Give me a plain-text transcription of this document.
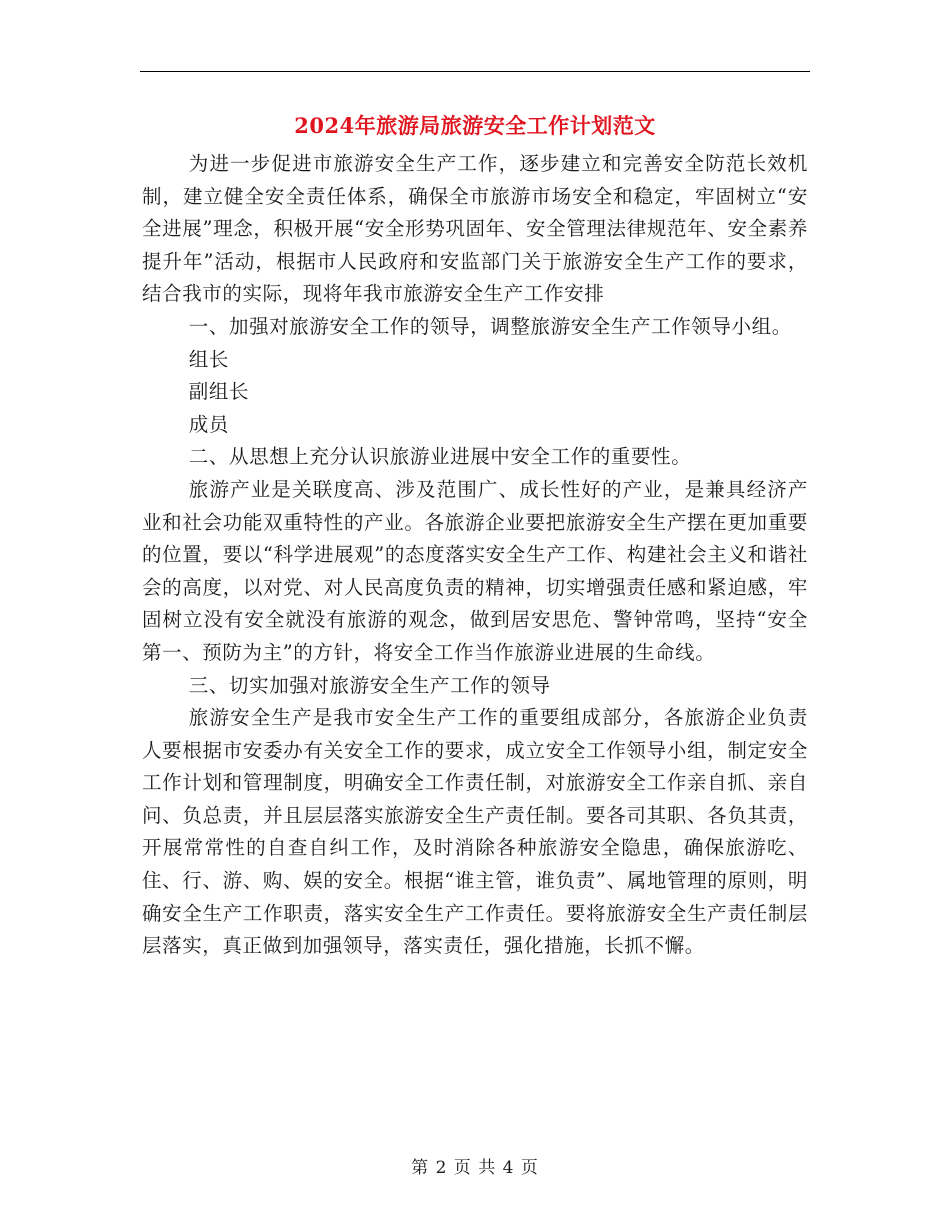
2024年旅游局旅游安全工作计划范文

为进一步促进市旅游安全生产工作，逐步建立和完善安全防范长效机制，建立健全安全责任体系，确保全市旅游市场安全和稳定，牢固树立“安全进展”理念，积极开展“安全形势巩固年、安全管理法律规范年、安全素养提升年”活动，根据市人民政府和安监部门关于旅游安全生产工作的要求，结合我市的实际，现将年我市旅游安全生产工作安排

一、加强对旅游安全工作的领导，调整旅游安全生产工作领导小组。

组长

副组长

成员

二、从思想上充分认识旅游业进展中安全工作的重要性。

旅游产业是关联度高、涉及范围广、成长性好的产业，是兼具经济产业和社会功能双重特性的产业。各旅游企业要把旅游安全生产摆在更加重要的位置，要以“科学进展观”的态度落实安全生产工作、构建社会主义和谐社会的高度，以对党、对人民高度负责的精神，切实增强责任感和紧迫感，牢固树立没有安全就没有旅游的观念，做到居安思危、警钟常鸣，坚持“安全第一、预防为主”的方针，将安全工作当作旅游业进展的生命线。

三、切实加强对旅游安全生产工作的领导

旅游安全生产是我市安全生产工作的重要组成部分，各旅游企业负责人要根据市安委办有关安全工作的要求，成立安全工作领导小组，制定安全工作计划和管理制度，明确安全工作责任制，对旅游安全工作亲自抓、亲自问、负总责，并且层层落实旅游安全生产责任制。要各司其职、各负其责，开展常常性的自查自纠工作，及时消除各种旅游安全隐患，确保旅游吃、住、行、游、购、娱的安全。根据“谁主管，谁负责”、属地管理的原则，明确安全生产工作职责，落实安全生产工作责任。要将旅游安全生产责任制层层落实，真正做到加强领导，落实责任，强化措施，长抓不懈。

第 2 页 共 4 页
